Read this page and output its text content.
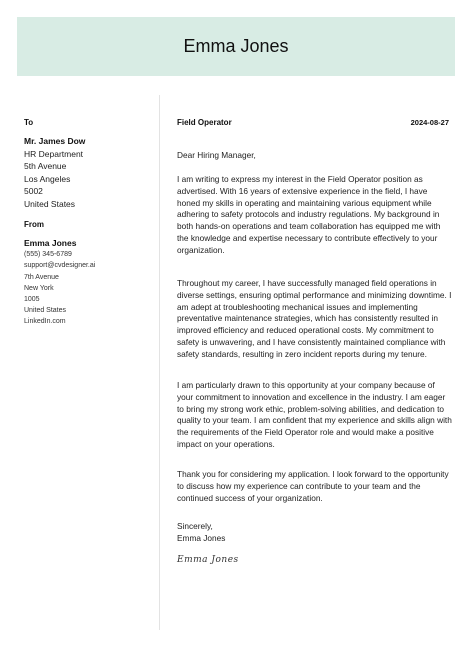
Emma Jones
To
Mr. James Dow
HR Department
5th Avenue
Los Angeles
5002
United States
From
Emma Jones
(555) 345-6789
support@cvdesigner.ai
7th Avenue
New York
1005
United States
LinkedIn.com
Field Operator	2024-08-27

Dear Hiring Manager,

I am writing to express my interest in the Field Operator position as advertised. With 16 years of extensive experience in the field, I have honed my skills in operating and maintaining various equipment while adhering to safety protocols and industry regulations. My background in both hands-on operations and team collaboration has equipped me with the knowledge and expertise necessary to contribute effectively to your organization.

Throughout my career, I have successfully managed field operations in diverse settings, ensuring optimal performance and minimizing downtime. I am adept at troubleshooting mechanical issues and implementing preventative maintenance strategies, which has consistently resulted in improved efficiency and reduced operational costs. My commitment to safety is unwavering, and I have consistently maintained compliance with safety standards, resulting in zero incident reports during my tenure.

I am particularly drawn to this opportunity at your company because of your commitment to innovation and excellence in the industry. I am eager to bring my strong work ethic, problem-solving abilities, and dedication to quality to your team. I am confident that my experience and skills align with the requirements of the Field Operator role and would make a positive impact on your operations.

Thank you for considering my application. I look forward to the opportunity to discuss how my experience can contribute to your team and the continued success of your organization.

Sincerely,

Emma Jones

Emma Jones
